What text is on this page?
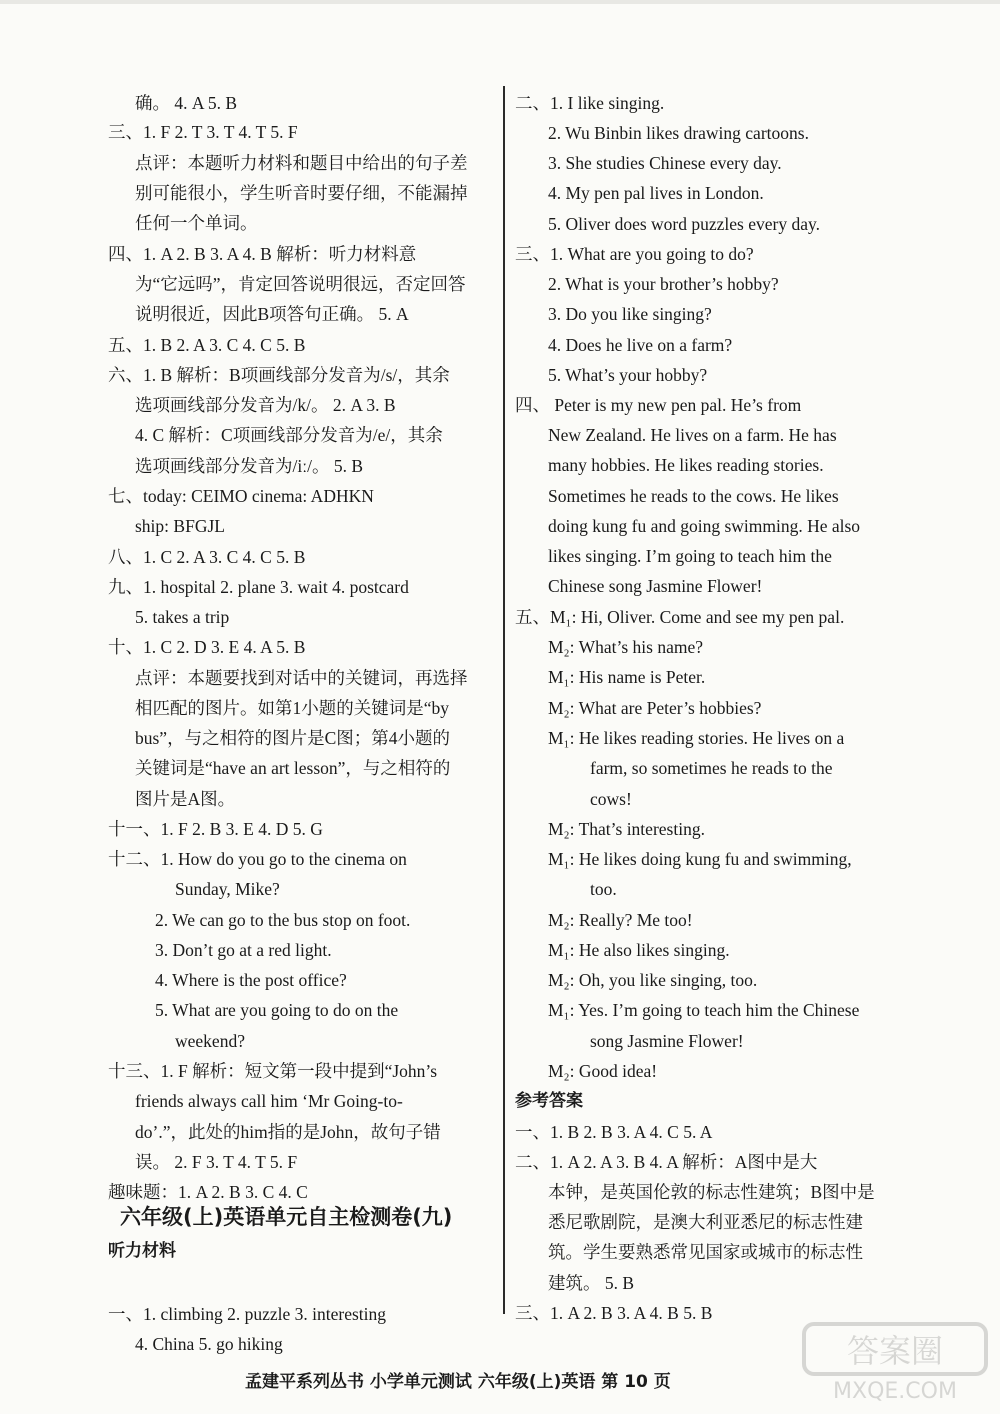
六年级(上)英语单元自主检测卷(九)
听力材料
参考答案
孟建平系列丛书 小学单元测试 六年级(上)英语 第 10 页
答案圈
MXQE.COM
确。 4. A 5. B
三、1. F 2. T 3. T 4. T 5. F
点评：本题听力材料和题目中给出的句子差
别可能很小，学生听音时要仔细，不能漏掉
任何一个单词。
四、1. A 2. B 3. A 4. B 解析：听力材料意
为“它远吗”，肯定回答说明很远，否定回答
说明很近，因此B项答句正确。 5. A
五、1. B 2. A 3. C 4. C 5. B
六、1. B 解析：B项画线部分发音为/s/，其余
选项画线部分发音为/k/。 2. A 3. B
4. C 解析：C项画线部分发音为/e/，其余
选项画线部分发音为/iː/。 5. B
七、today: CEIMO cinema: ADHKN
ship: BFGJL
八、1. C 2. A 3. C 4. C 5. B
九、1. hospital 2. plane 3. wait 4. postcard
5. takes a trip
十、1. C 2. D 3. E 4. A 5. B
点评：本题要找到对话中的关键词，再选择
相匹配的图片。如第1小题的关键词是“by
bus”，与之相符的图片是C图；第4小题的
关键词是“have an art lesson”，与之相符的
图片是A图。
十一、1. F 2. B 3. E 4. D 5. G
十二、1. How do you go to the cinema on
Sunday, Mike?
2. We can go to the bus stop on foot.
3. Don’t go at a red light.
4. Where is the post office?
5. What are you going to do on the
weekend?
十三、1. F 解析：短文第一段中提到“John’s
friends always call him ‘Mr Going-to-
do’.”，此处的him指的是John，故句子错
误。 2. F 3. T 4. T 5. F
趣味题：1. A 2. B 3. C 4. C
一、1. climbing 2. puzzle 3. interesting
4. China 5. go hiking
二、1. I like singing.
2. Wu Binbin likes drawing cartoons.
3. She studies Chinese every day.
4. My pen pal lives in London.
5. Oliver does word puzzles every day.
三、1. What are you going to do?
2. What is your brother’s hobby?
3. Do you like singing?
4. Does he live on a farm?
5. What’s your hobby?
四、 Peter is my new pen pal. He’s from
New Zealand. He lives on a farm. He has
many hobbies. He likes reading stories.
Sometimes he reads to the cows. He likes
doing kung fu and going swimming. He also
likes singing. I’m going to teach him the
Chinese song Jasmine Flower!
五、M₁: Hi, Oliver. Come and see my pen pal.
M₂: What’s his name?
M₁: His name is Peter.
M₂: What are Peter’s hobbies?
M₁: He likes reading stories. He lives on a
farm, so sometimes he reads to the
cows!
M₂: That’s interesting.
M₁: He likes doing kung fu and swimming,
too.
M₂: Really? Me too!
M₁: He also likes singing.
M₂: Oh, you like singing, too.
M₁: Yes. I’m going to teach him the Chinese
song Jasmine Flower!
M₂: Good idea!
一、1. B 2. B 3. A 4. C 5. A
二、1. A 2. A 3. B 4. A 解析：A图中是大
本钟，是英国伦敦的标志性建筑；B图中是
悉尼歌剧院，是澳大利亚悉尼的标志性建
筑。学生要熟悉常见国家或城市的标志性
建筑。 5. B
三、1. A 2. B 3. A 4. B 5. B
